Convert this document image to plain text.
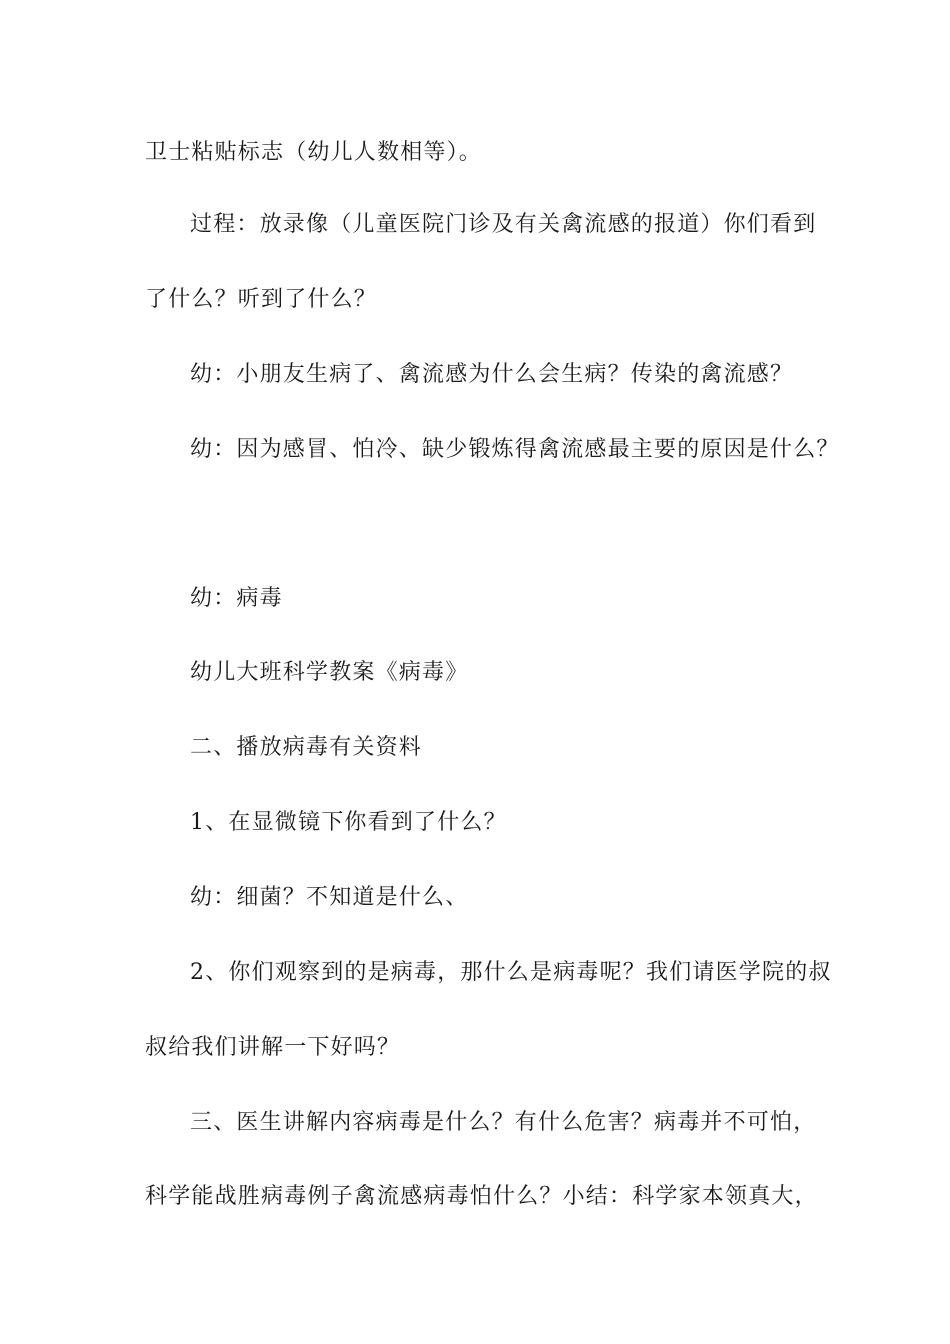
卫士粘贴标志（幼儿人数相等）。
过程：放录像（儿童医院门诊及有关禽流感的报道）你们看到
了什么？听到了什么？
幼：小朋友生病了、禽流感为什么会生病？传染的禽流感？
幼：因为感冒、怕冷、缺少锻炼得禽流感最主要的原因是什么？
幼：病毒
幼儿大班科学教案《病毒》
二、播放病毒有关资料
1、在显微镜下你看到了什么？
幼：细菌？不知道是什么、
2、你们观察到的是病毒，那什么是病毒呢？我们请医学院的叔
叔给我们讲解一下好吗？
三、医生讲解内容病毒是什么？有什么危害？病毒并不可怕，
科学能战胜病毒例子禽流感病毒怕什么？小结：科学家本领真大，
